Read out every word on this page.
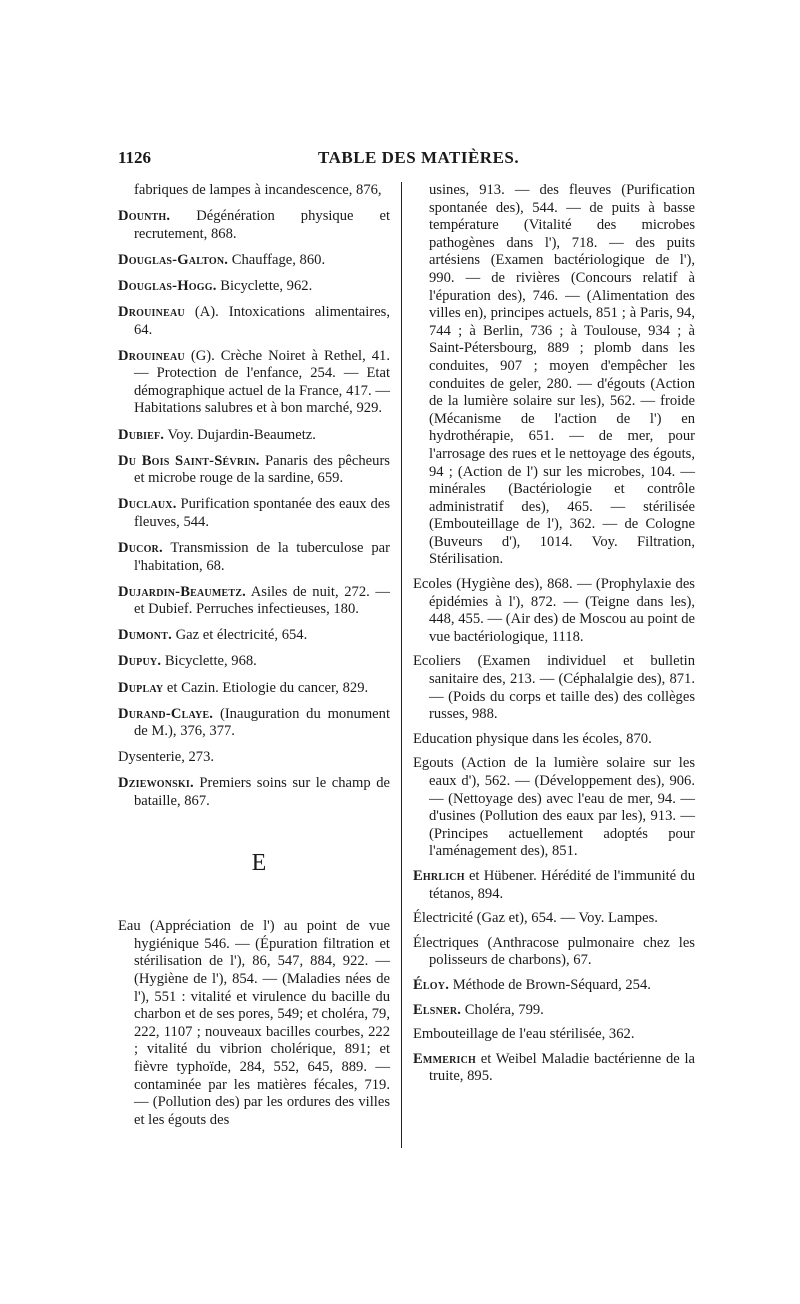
1126	TABLE DES MATIÈRES.
fabriques de lampes à incandescence, 876,
Dounth. Dégénération physique et recrutement, 868.
Douglas-Galton. Chauffage, 860.
Douglas-Hogg. Bicyclette, 962.
Drouineau (A). Intoxications alimentaires, 64.
Drouineau (G). Crèche Noiret à Rethel, 41. — Protection de l'enfance, 254. — Etat démographique actuel de la France, 417. — Habitations salubres et à bon marché, 929.
Dubief. Voy. Dujardin-Beaumetz.
Du Bois Saint-Sévrin. Panaris des pêcheurs et microbe rouge de la sardine, 659.
Duclaux. Purification spontanée des eaux des fleuves, 544.
Ducor. Transmission de la tuberculose par l'habitation, 68.
Dujardin-Beaumetz. Asiles de nuit, 272. — et Dubief. Perruches infectieuses, 180.
Dumont. Gaz et électricité, 654.
Dupuy. Bicyclette, 968.
Duplay et Cazin. Etiologie du cancer, 829.
Durand-Claye. (Inauguration du monument de M.), 376, 377.
Dysenterie, 273.
Dziewonski. Premiers soins sur le champ de bataille, 867.
E
Eau (Appréciation de l') au point de vue hygiénique 546. — (Épuration filtration et stérilisation de l'), 86, 547, 884, 922. — (Hygiène de l'), 854. — (Maladies nées de l'), 551 : vitalité et virulence du bacille du charbon et de ses pores, 549; et choléra, 79, 222, 1107 ; nouveaux bacilles courbes, 222 ; vitalité du vibrion cholérique, 891; et fièvre typhoïde, 284, 552, 645, 889. — contaminée par les matières fécales, 719. — (Pollution des) par les ordures des villes et les égouts des
usines, 913. — des fleuves (Purification spontanée des), 544. — de puits à basse température (Vitalité des microbes pathogènes dans l'), 718. — des puits artésiens (Examen bactériologique de l'), 990. — de rivières (Concours relatif à l'épuration des), 746. — (Alimentation des villes en), principes actuels, 851 ; à Paris, 94, 744 ; à Berlin, 736 ; à Toulouse, 934 ; à Saint-Pétersbourg, 889 ; plomb dans les conduites, 907 ; moyen d'empêcher les conduites de geler, 280. — d'égouts (Action de la lumière solaire sur les), 562. — froide (Mécanisme de l'action de l') en hydrothérapie, 651. — de mer, pour l'arrosage des rues et le nettoyage des égouts, 94 ; (Action de l') sur les microbes, 104. — minérales (Bactériologie et contrôle administratif des), 465. — stérilisée (Embouteillage de l'), 362. — de Cologne (Buveurs d'), 1014. Voy. Filtration, Stérilisation.
Ecoles (Hygiène des), 868. — (Prophylaxie des épidémies à l'), 872. — (Teigne dans les), 448, 455. — (Air des) de Moscou au point de vue bactériologique, 1118.
Ecoliers (Examen individuel et bulletin sanitaire des, 213. — (Céphalalgie des), 871. — (Poids du corps et taille des) des collèges russes, 988.
Education physique dans les écoles, 870.
Egouts (Action de la lumière solaire sur les eaux d'), 562. — (Développement des), 906. — (Nettoyage des) avec l'eau de mer, 94. — d'usines (Pollution des eaux par les), 913. — (Principes actuellement adoptés pour l'aménagement des), 851.
Ehrlich et Hübener. Hérédité de l'immunité du tétanos, 894.
Électricité (Gaz et), 654. — Voy. Lampes.
Électriques (Anthracose pulmonaire chez les polisseurs de charbons), 67.
Éloy. Méthode de Brown-Séquard, 254.
Elsner. Choléra, 799.
Embouteillage de l'eau stérilisée, 362.
Emmerich et Weibel Maladie bactérienne de la truite, 895.
